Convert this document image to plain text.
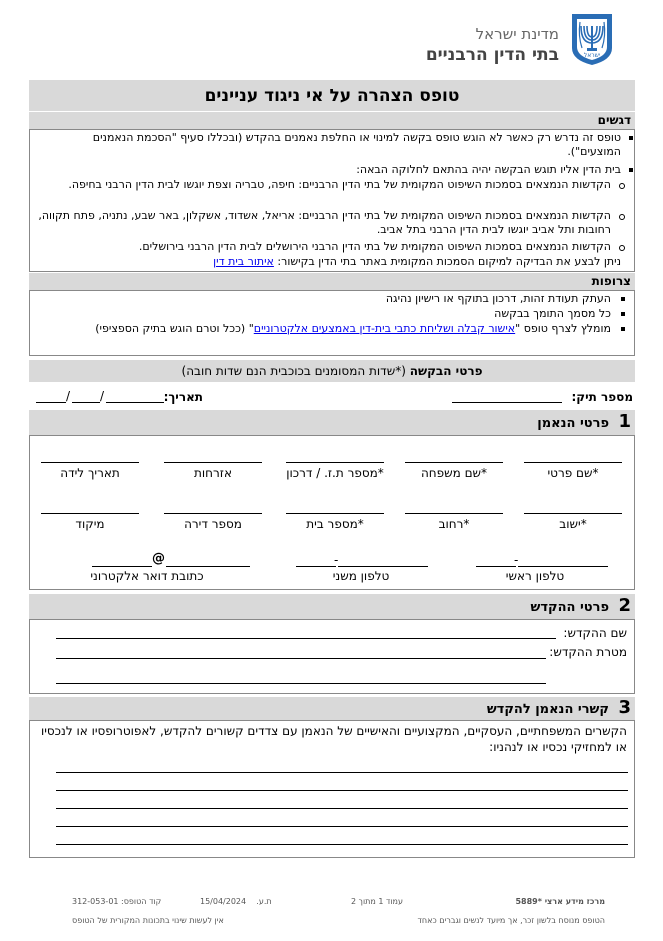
ישראל
מדינת ישראל
בתי הדין הרבניים
טופס הצהרה על אי ניגוד עניינים
דגשים
טופס זה נדרש רק כאשר לא הוגש טופס בקשה למינוי או החלפת נאמנים בהקדש (ובכללו סעיף "הסכמת הנאמנים המוצעים").
בית הדין אליו תוגש הבקשה יהיה בהתאם לחלוקה הבאה:
הקדשות הנמצאים בסמכות השיפוט המקומית של בתי הדין הרבניים: חיפה, טבריה וצפת יוגשו לבית הדין הרבני בחיפה.
הקדשות הנמצאים בסמכות השיפוט המקומית של בתי הדין הרבניים: אריאל, אשדוד, אשקלון, באר שבע, נתניה, פתח תקווה, רחובות ותל אביב יוגשו לבית הדין הרבני בתל אביב.
הקדשות הנמצאים בסמכות השיפוט המקומית של בתי הדין הרבני הירושלים לבית הדין הרבני בירושלים.
ניתן לבצע את הבדיקה למיקום הסמכות המקומית באתר בתי הדין בקישור: איתור בית דין
צרופות
העתק תעודת זהות, דרכון בתוקף או רישיון נהיגה
כל מסמך התומך בבקשה
מומלץ לצרף טופס "אישור קבלה ושליחת כתבי בית-דין באמצעים אלקטרוניים" (ככל וטרם הוגש בתיק הספציפי)
פרטי הבקשה (*שדות המסומנים בכוכבית הנם שדות חובה)
מספר תיק:
תאריך:
/ /
1
פרטי הנאמן
*שם פרטי
*שם משפחה
*מספר ת.ז. / דרכון
אזרחות
תאריך לידה
*ישוב
*רחוב
*מספר בית
מספר דירה
מיקוד
-
טלפון ראשי
-
טלפון משני
@
כתובת דואר אלקטרוני
2
פרטי ההקדש
שם ההקדש:
מטרת ההקדש:
3
קשרי הנאמן להקדש
הקשרים המשפחתיים, העסקיים, המקצועיים והאישיים של הנאמן עם צדדים קשורים להקדש, לאפוטרופסיו או לנכסיו או למחזיקי נכסיו או לנהניו:
מרכז מידע ארצי *5889
עמוד 1 מתוך 2
ת.ע.    15/04/2024
קוד הטופס: 312-053-01
הטופס מנוסח בלשון זכר, אך מיועד לנשים וגברים כאחד
אין לעשות שינוי בתכונות המקורית של הטופס
